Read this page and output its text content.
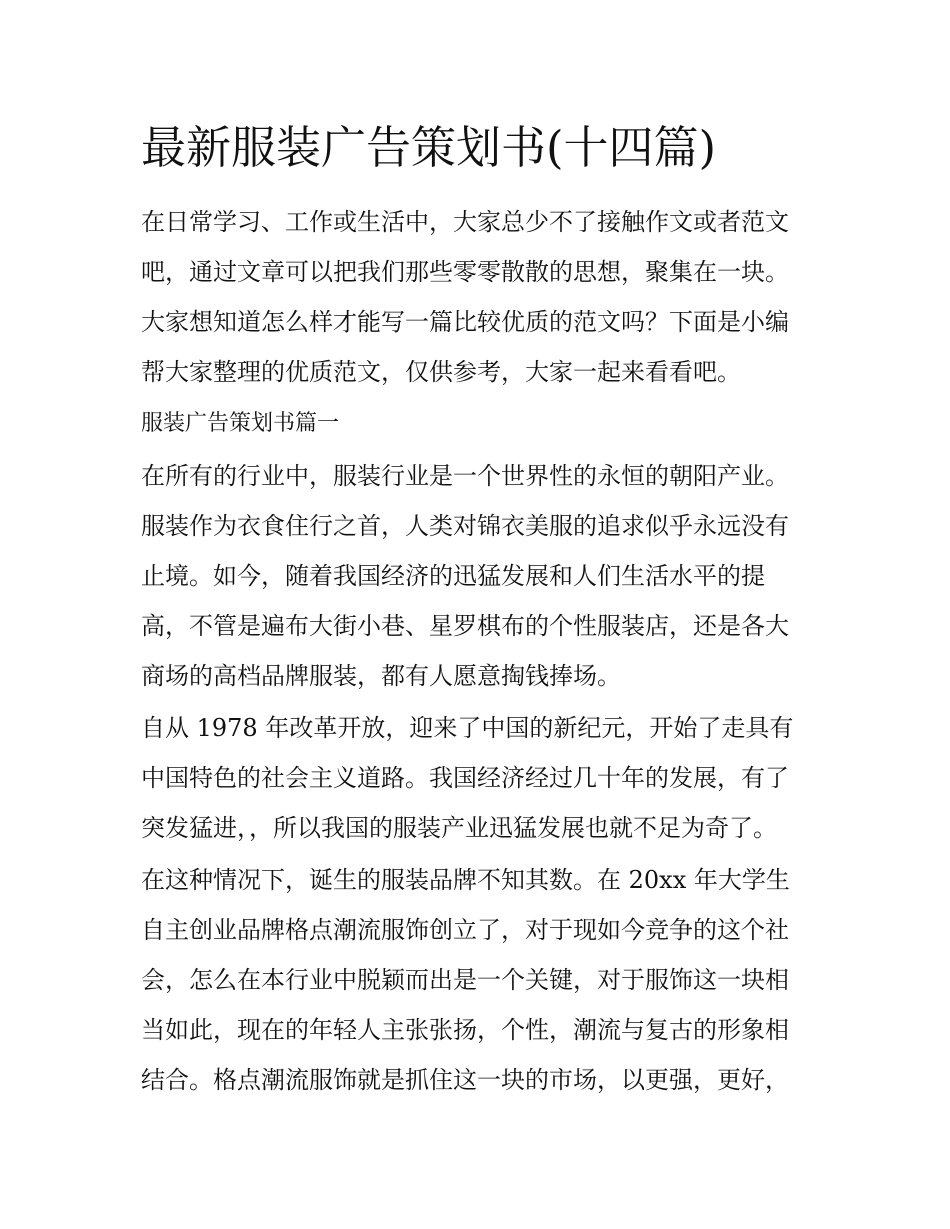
最新服装广告策划书(十四篇)

在日常学习、工作或生活中，大家总少不了接触作文或者范文

吧，通过文章可以把我们那些零零散散的思想，聚集在一块。

大家想知道怎么样才能写一篇比较优质的范文吗？下面是小编

帮大家整理的优质范文，仅供参考，大家一起来看看吧。

服装广告策划书篇一

在所有的行业中，服装行业是一个世界性的永恒的朝阳产业。

服装作为衣食住行之首，人类对锦衣美服的追求似乎永远没有

止境。如今，随着我国经济的迅猛发展和人们生活水平的提

高，不管是遍布大街小巷、星罗棋布的个性服装店，还是各大

商场的高档品牌服装，都有人愿意掏钱捧场。

自从 1978 年改革开放，迎来了中国的新纪元，开始了走具有

中国特色的社会主义道路。我国经济经过几十年的发展，有了

突发猛进，，所以我国的服装产业迅猛发展也就不足为奇了。

在这种情况下，诞生的服装品牌不知其数。在 20xx 年大学生

自主创业品牌格点潮流服饰创立了，对于现如今竞争的这个社

会，怎么在本行业中脱颖而出是一个关键，对于服饰这一块相

当如此，现在的年轻人主张张扬，个性，潮流与复古的形象相

结合。格点潮流服饰就是抓住这一块的市场，以更强，更好，
